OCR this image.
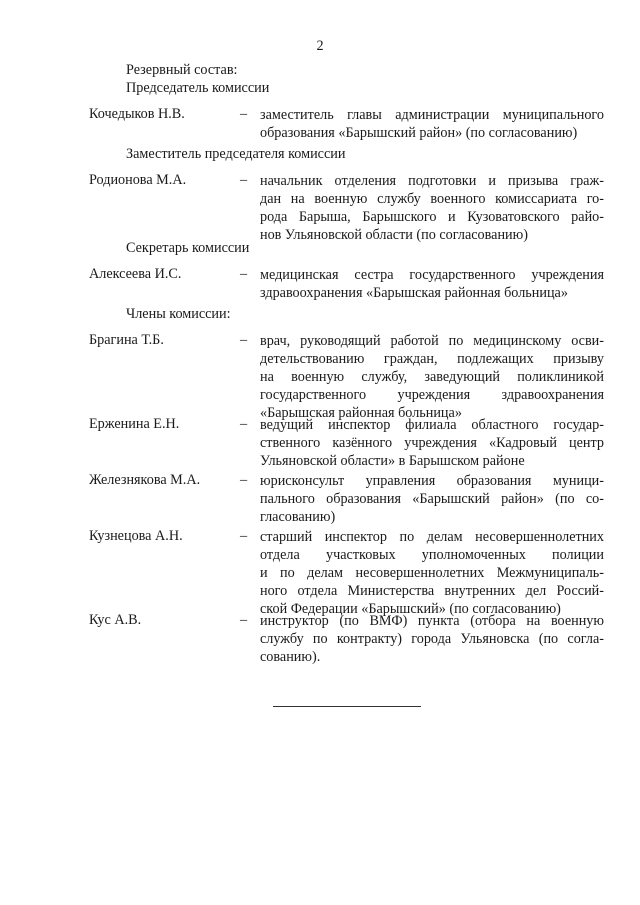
2
Резервный состав:
Председатель комиссии
Кочедыков Н.В.	– заместитель главы администрации муниципального
образования «Барышский район» (по согласованию)
Заместитель председателя комиссии
Родионова М.А.	– начальник отделения подготовки и призыва граж-
дан на военную службу военного комиссариата го-
рода Барыша, Барышского и Кузоватовского райо-
нов Ульяновской области (по согласованию)
Секретарь комиссии
Алексеева И.С.	– медицинская сестра государственного учреждения
здравоохранения «Барышская районная больница»
Члены комиссии:
Брагина Т.Б.	– врач, руководящий работой по медицинскому осви-
детельствованию граждан, подлежащих призыву
на военную службу, заведующий поликлиникой
государственного учреждения здравоохранения
«Барышская районная больница»
Ерженина Е.Н.	– ведущий инспектор филиала областного государ-
ственного казённого учреждения «Кадровый центр
Ульяновской области» в Барышском районе
Железнякова М.А.	– юрисконсульт управления образования муници-
пального образования «Барышский район» (по со-
гласованию)
Кузнецова А.Н.	– старший инспектор по делам несовершеннолетних
отдела участковых уполномоченных полиции
и по делам несовершеннолетних Межмуниципаль-
ного отдела Министерства внутренних дел Россий-
ской Федерации «Барышский» (по согласованию)
Кус А.В.	– инструктор (по ВМФ) пункта (отбора на военную
службу по контракту) города Ульяновска (по согла-
сованию).
